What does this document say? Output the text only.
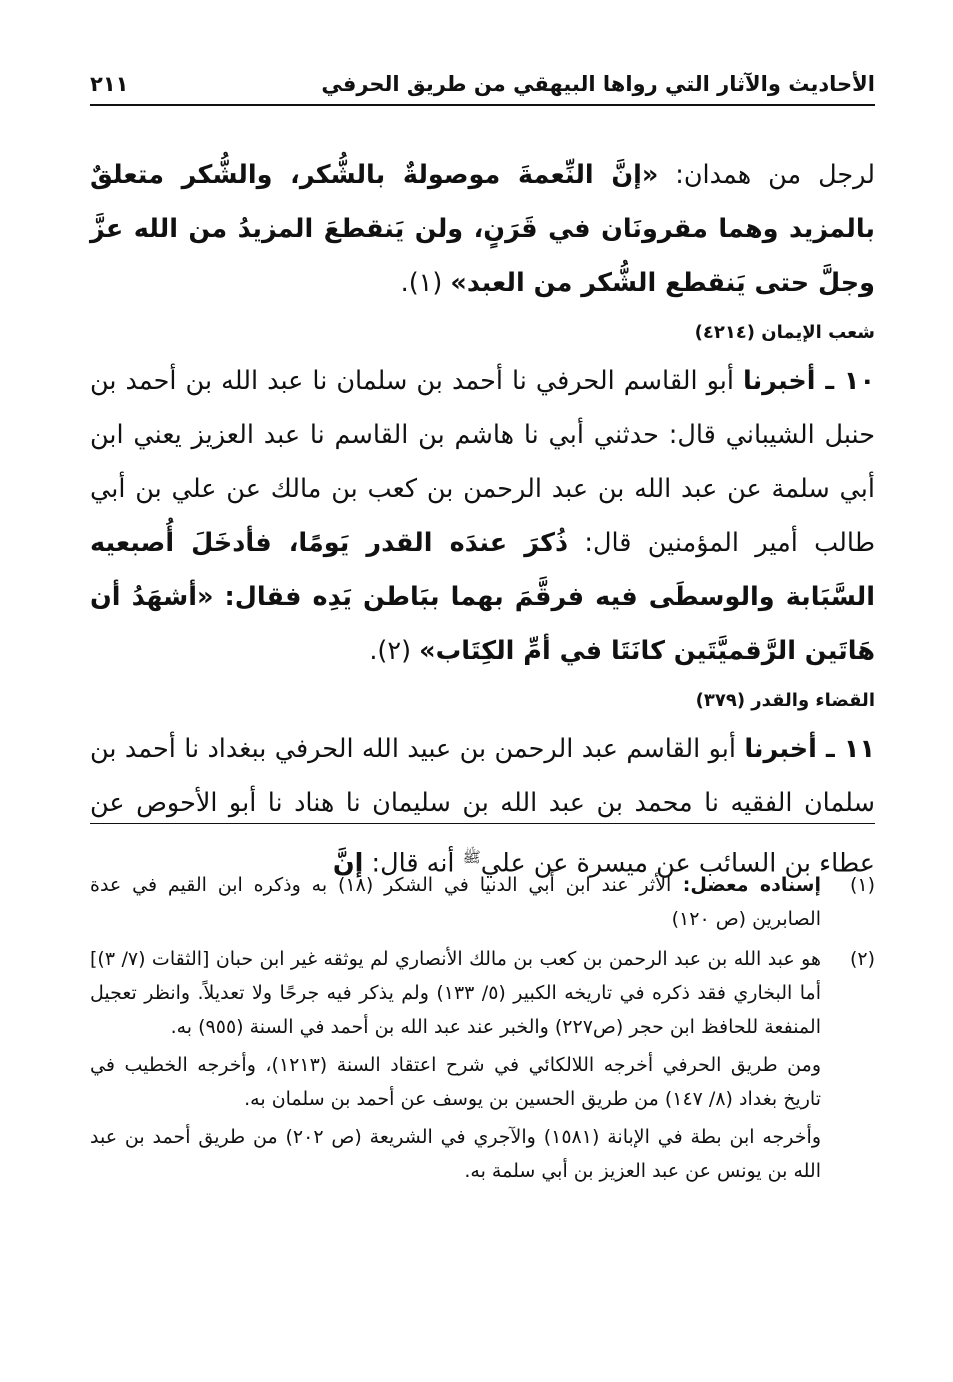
الأحاديث والآثار التي رواها البيهقي من طريق الحرفي
٢١١

لرجل من همدان: «إنَّ النِّعمةَ موصولةٌ بالشُّكر، والشُّكر متعلقٌ بالمزيد وهما مقرونَان في قَرَنٍ، ولن يَنقطعَ المزيدُ من الله عزَّ وجلَّ حتى يَنقطع الشُّكر من العبد» (١).

شعب الإيمان (٤٢١٤)

١٠ ـ أخبرنا أبو القاسم الحرفي نا أحمد بن سلمان نا عبد الله بن أحمد بن حنبل الشيباني قال: حدثني أبي نا هاشم بن القاسم نا عبد العزيز يعني ابن أبي سلمة عن عبد الله بن عبد الرحمن بن كعب بن مالك عن علي بن أبي طالب أمير المؤمنين قال: ذُكرَ عندَه القدر يَومًا، فأدخَلَ أُصبعيه السَّبَابة والوسطَى فيه فرقَّمَ بهما ببَاطن يَدِه فقال: «أشهَدُ أن هَاتَين الرَّقميَّتَين كانَتَا في أمِّ الكِتَاب» (٢).

القضاء والقدر (٣٧٩)

١١ ـ أخبرنا أبو القاسم عبد الرحمن بن عبيد الله الحرفي ببغداد نا أحمد بن سلمان الفقيه نا محمد بن عبد الله بن سليمان نا هناد نا أبو الأحوص عن عطاء بن السائب عن ميسرة عن علي$^ﷺ$ أنه قال: إنَّ

(١)

إسناده معضل: الأثر عند ابن أبي الدنيا في الشكر (١٨) به وذكره ابن القيم في عدة الصابرين (ص ١٢٠)

(٢)

هو عبد الله بن عبد الرحمن بن كعب بن مالك الأنصاري لم يوثقه غير ابن حبان [الثقات (٧/ ٣)] أما البخاري فقد ذكره في تاريخه الكبير (٥/ ١٣٣) ولم يذكر فيه جرحًا ولا تعديلاً. وانظر تعجيل المنفعة للحافظ ابن حجر (ص٢٢٧) والخبر عند عبد الله بن أحمد في السنة (٩٥٥) به.

ومن طريق الحرفي أخرجه اللالكائي في شرح اعتقاد السنة (١٢١٣)، وأخرجه الخطيب في تاريخ بغداد (٨/ ١٤٧) من طريق الحسين بن يوسف عن أحمد بن سلمان به.

وأخرجه ابن بطة في الإبانة (١٥٨١) والآجري في الشريعة (ص ٢٠٢) من طريق أحمد بن عبد الله بن يونس عن عبد العزيز بن أبي سلمة به.
